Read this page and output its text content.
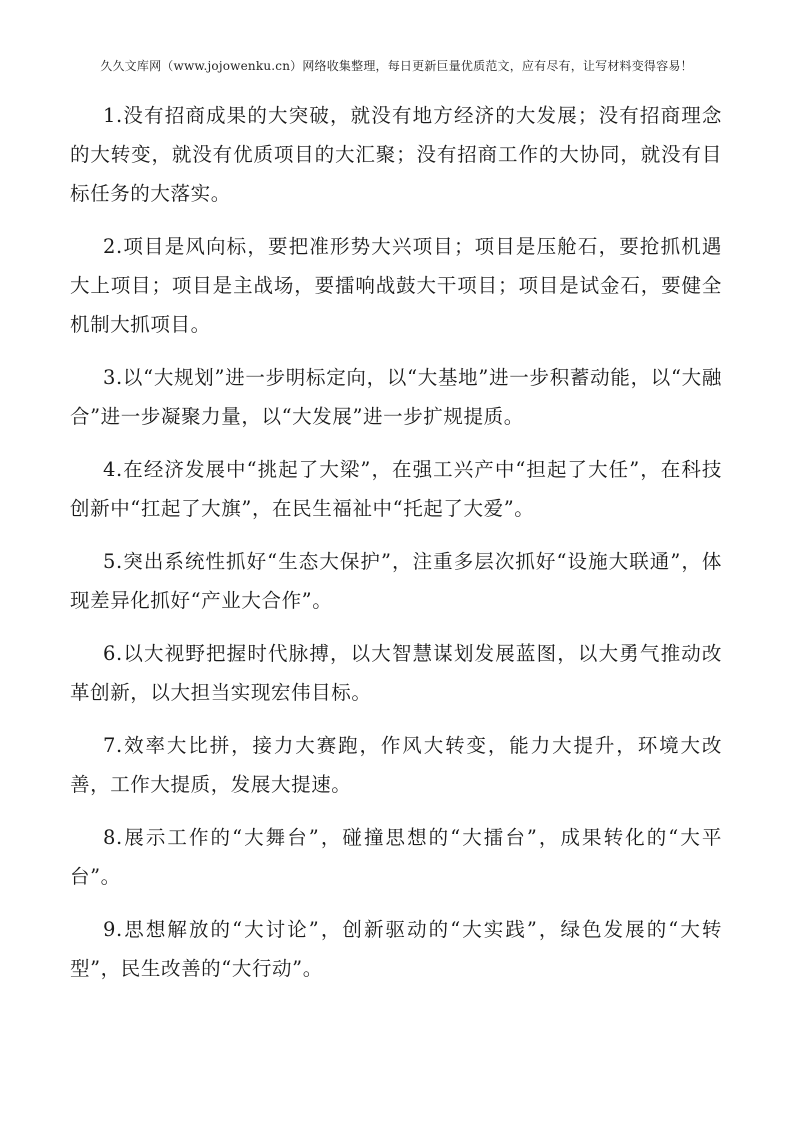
久久文库网（www.jojowenku.cn）网络收集整理，每日更新巨量优质范文，应有尽有，让写材料变得容易！

1.没有招商成果的大突破，就没有地方经济的大发展；没有招商理念的大转变，就没有优质项目的大汇聚；没有招商工作的大协同，就没有目标任务的大落实。

2.项目是风向标，要把准形势大兴项目；项目是压舱石，要抢抓机遇大上项目；项目是主战场，要擂响战鼓大干项目；项目是试金石，要健全机制大抓项目。

3.以“大规划”进一步明标定向，以“大基地”进一步积蓄动能，以“大融合”进一步凝聚力量，以“大发展”进一步扩规提质。

4.在经济发展中“挑起了大梁”，在强工兴产中“担起了大任”，在科技创新中“扛起了大旗”，在民生福祉中“托起了大爱”。

5.突出系统性抓好“生态大保护”，注重多层次抓好“设施大联通”，体现差异化抓好“产业大合作”。

6.以大视野把握时代脉搏，以大智慧谋划发展蓝图，以大勇气推动改革创新，以大担当实现宏伟目标。

7.效率大比拼，接力大赛跑，作风大转变，能力大提升，环境大改善，工作大提质，发展大提速。

8.展示工作的“大舞台”，碰撞思想的“大擂台”，成果转化的“大平台”。

9.思想解放的“大讨论”，创新驱动的“大实践”，绿色发展的“大转型”，民生改善的“大行动”。
